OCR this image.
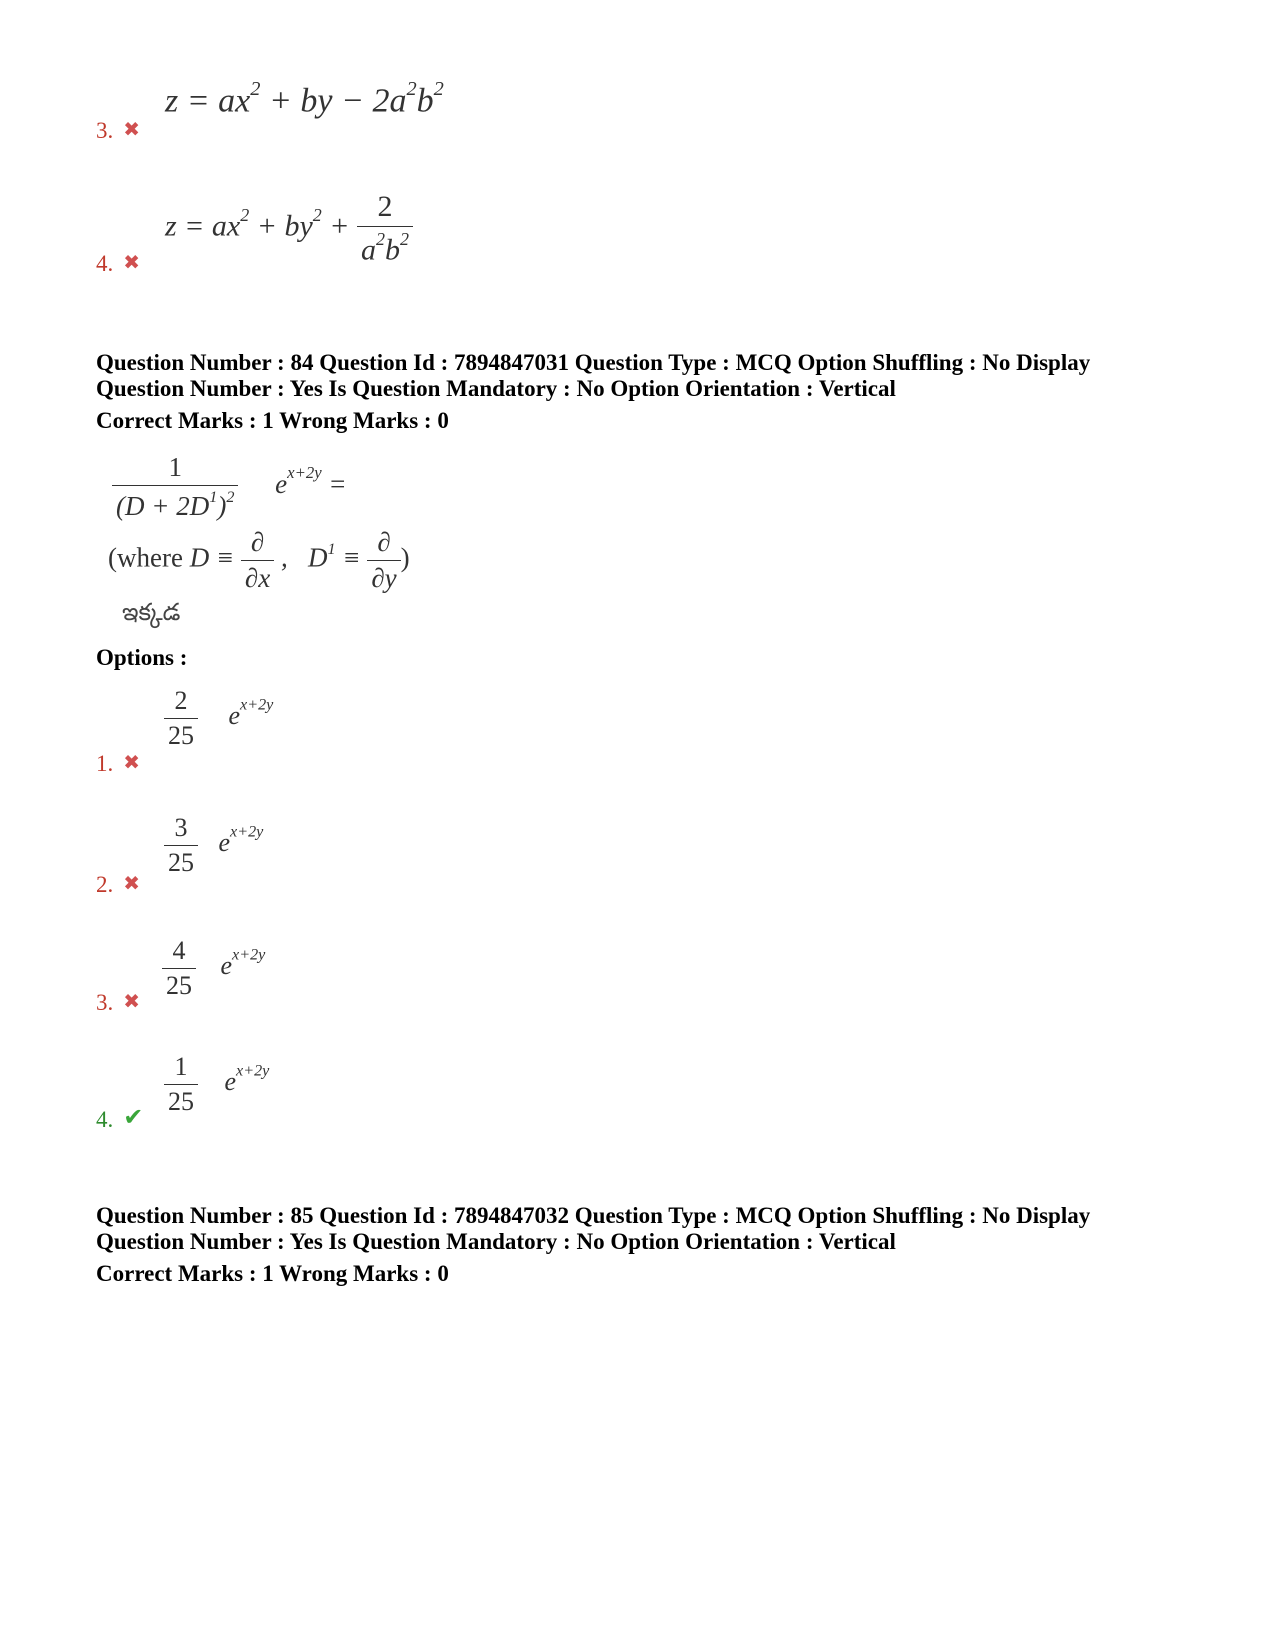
$z = ax^2$ + by − $2a^2b^2$
3. ✖
$z = ax^2 + by^2 + \frac{2}{a^2b^2}$
4. ✖
Question Number : 84 Question Id : 7894847031 Question Type : MCQ Option Shuffling : No Display
Question Number : Yes Is Question Mandatory : No Option Orientation : Vertical
Correct Marks : 1 Wrong Marks : 0
$\frac{1}{(D + 2D^1)^2} e^{x+2y}$ =
(where $D \equiv \frac{\partial}{\partial x}$ ,   $D^1 \equiv \frac{\partial}{\partial y}$ )
ఇక్కడ
Options :
$\frac{2}{25} e^{x+2y}$
1. ✖
$\frac{3}{25} e^{x+2y}$
2. ✖
$\frac{4}{25} e^{x+2y}$
3. ✖
$\frac{1}{25} e^{x+2y}$
4. ✔
Question Number : 85 Question Id : 7894847032 Question Type : MCQ Option Shuffling : No Display
Question Number : Yes Is Question Mandatory : No Option Orientation : Vertical
Correct Marks : 1 Wrong Marks : 0
